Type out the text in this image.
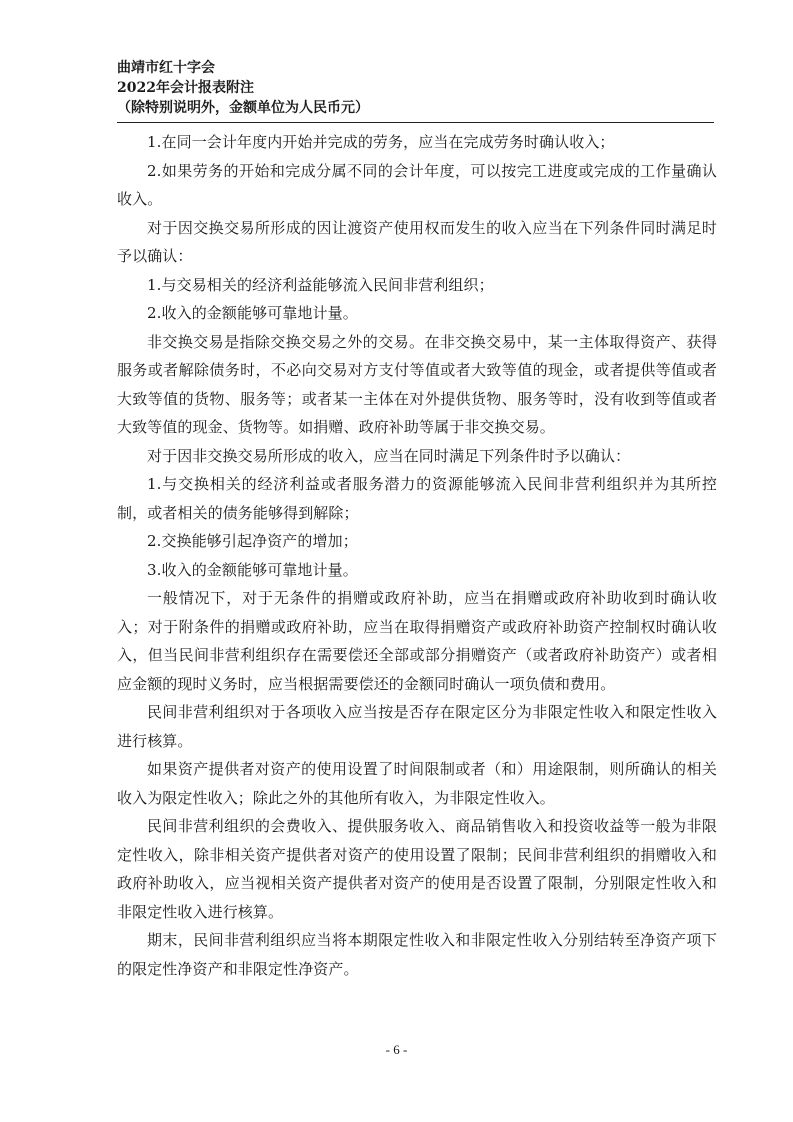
曲靖市红十字会
2022年会计报表附注
（除特别说明外，金额单位为人民币元）

1.在同一会计年度内开始并完成的劳务，应当在完成劳务时确认收入；

2.如果劳务的开始和完成分属不同的会计年度，可以按完工进度或完成的工作量确认收入。

对于因交换交易所形成的因让渡资产使用权而发生的收入应当在下列条件同时满足时予以确认：

1.与交易相关的经济利益能够流入民间非营利组织；

2.收入的金额能够可靠地计量。

非交换交易是指除交换交易之外的交易。在非交换交易中，某一主体取得资产、获得服务或者解除债务时，不必向交易对方支付等值或者大致等值的现金，或者提供等值或者大致等值的货物、服务等；或者某一主体在对外提供货物、服务等时，没有收到等值或者大致等值的现金、货物等。如捐赠、政府补助等属于非交换交易。

对于因非交换交易所形成的收入，应当在同时满足下列条件时予以确认：

1.与交换相关的经济利益或者服务潜力的资源能够流入民间非营利组织并为其所控制，或者相关的债务能够得到解除；

2.交换能够引起净资产的增加；

3.收入的金额能够可靠地计量。

一般情况下，对于无条件的捐赠或政府补助，应当在捐赠或政府补助收到时确认收入；对于附条件的捐赠或政府补助，应当在取得捐赠资产或政府补助资产控制权时确认收入，但当民间非营利组织存在需要偿还全部或部分捐赠资产（或者政府补助资产）或者相应金额的现时义务时，应当根据需要偿还的金额同时确认一项负债和费用。

民间非营利组织对于各项收入应当按是否存在限定区分为非限定性收入和限定性收入进行核算。

如果资产提供者对资产的使用设置了时间限制或者（和）用途限制，则所确认的相关收入为限定性收入；除此之外的其他所有收入，为非限定性收入。

民间非营利组织的会费收入、提供服务收入、商品销售收入和投资收益等一般为非限定性收入，除非相关资产提供者对资产的使用设置了限制；民间非营利组织的捐赠收入和政府补助收入，应当视相关资产提供者对资产的使用是否设置了限制，分别限定性收入和非限定性收入进行核算。

期末，民间非营利组织应当将本期限定性收入和非限定性收入分别结转至净资产项下的限定性净资产和非限定性净资产。

- 6 -
